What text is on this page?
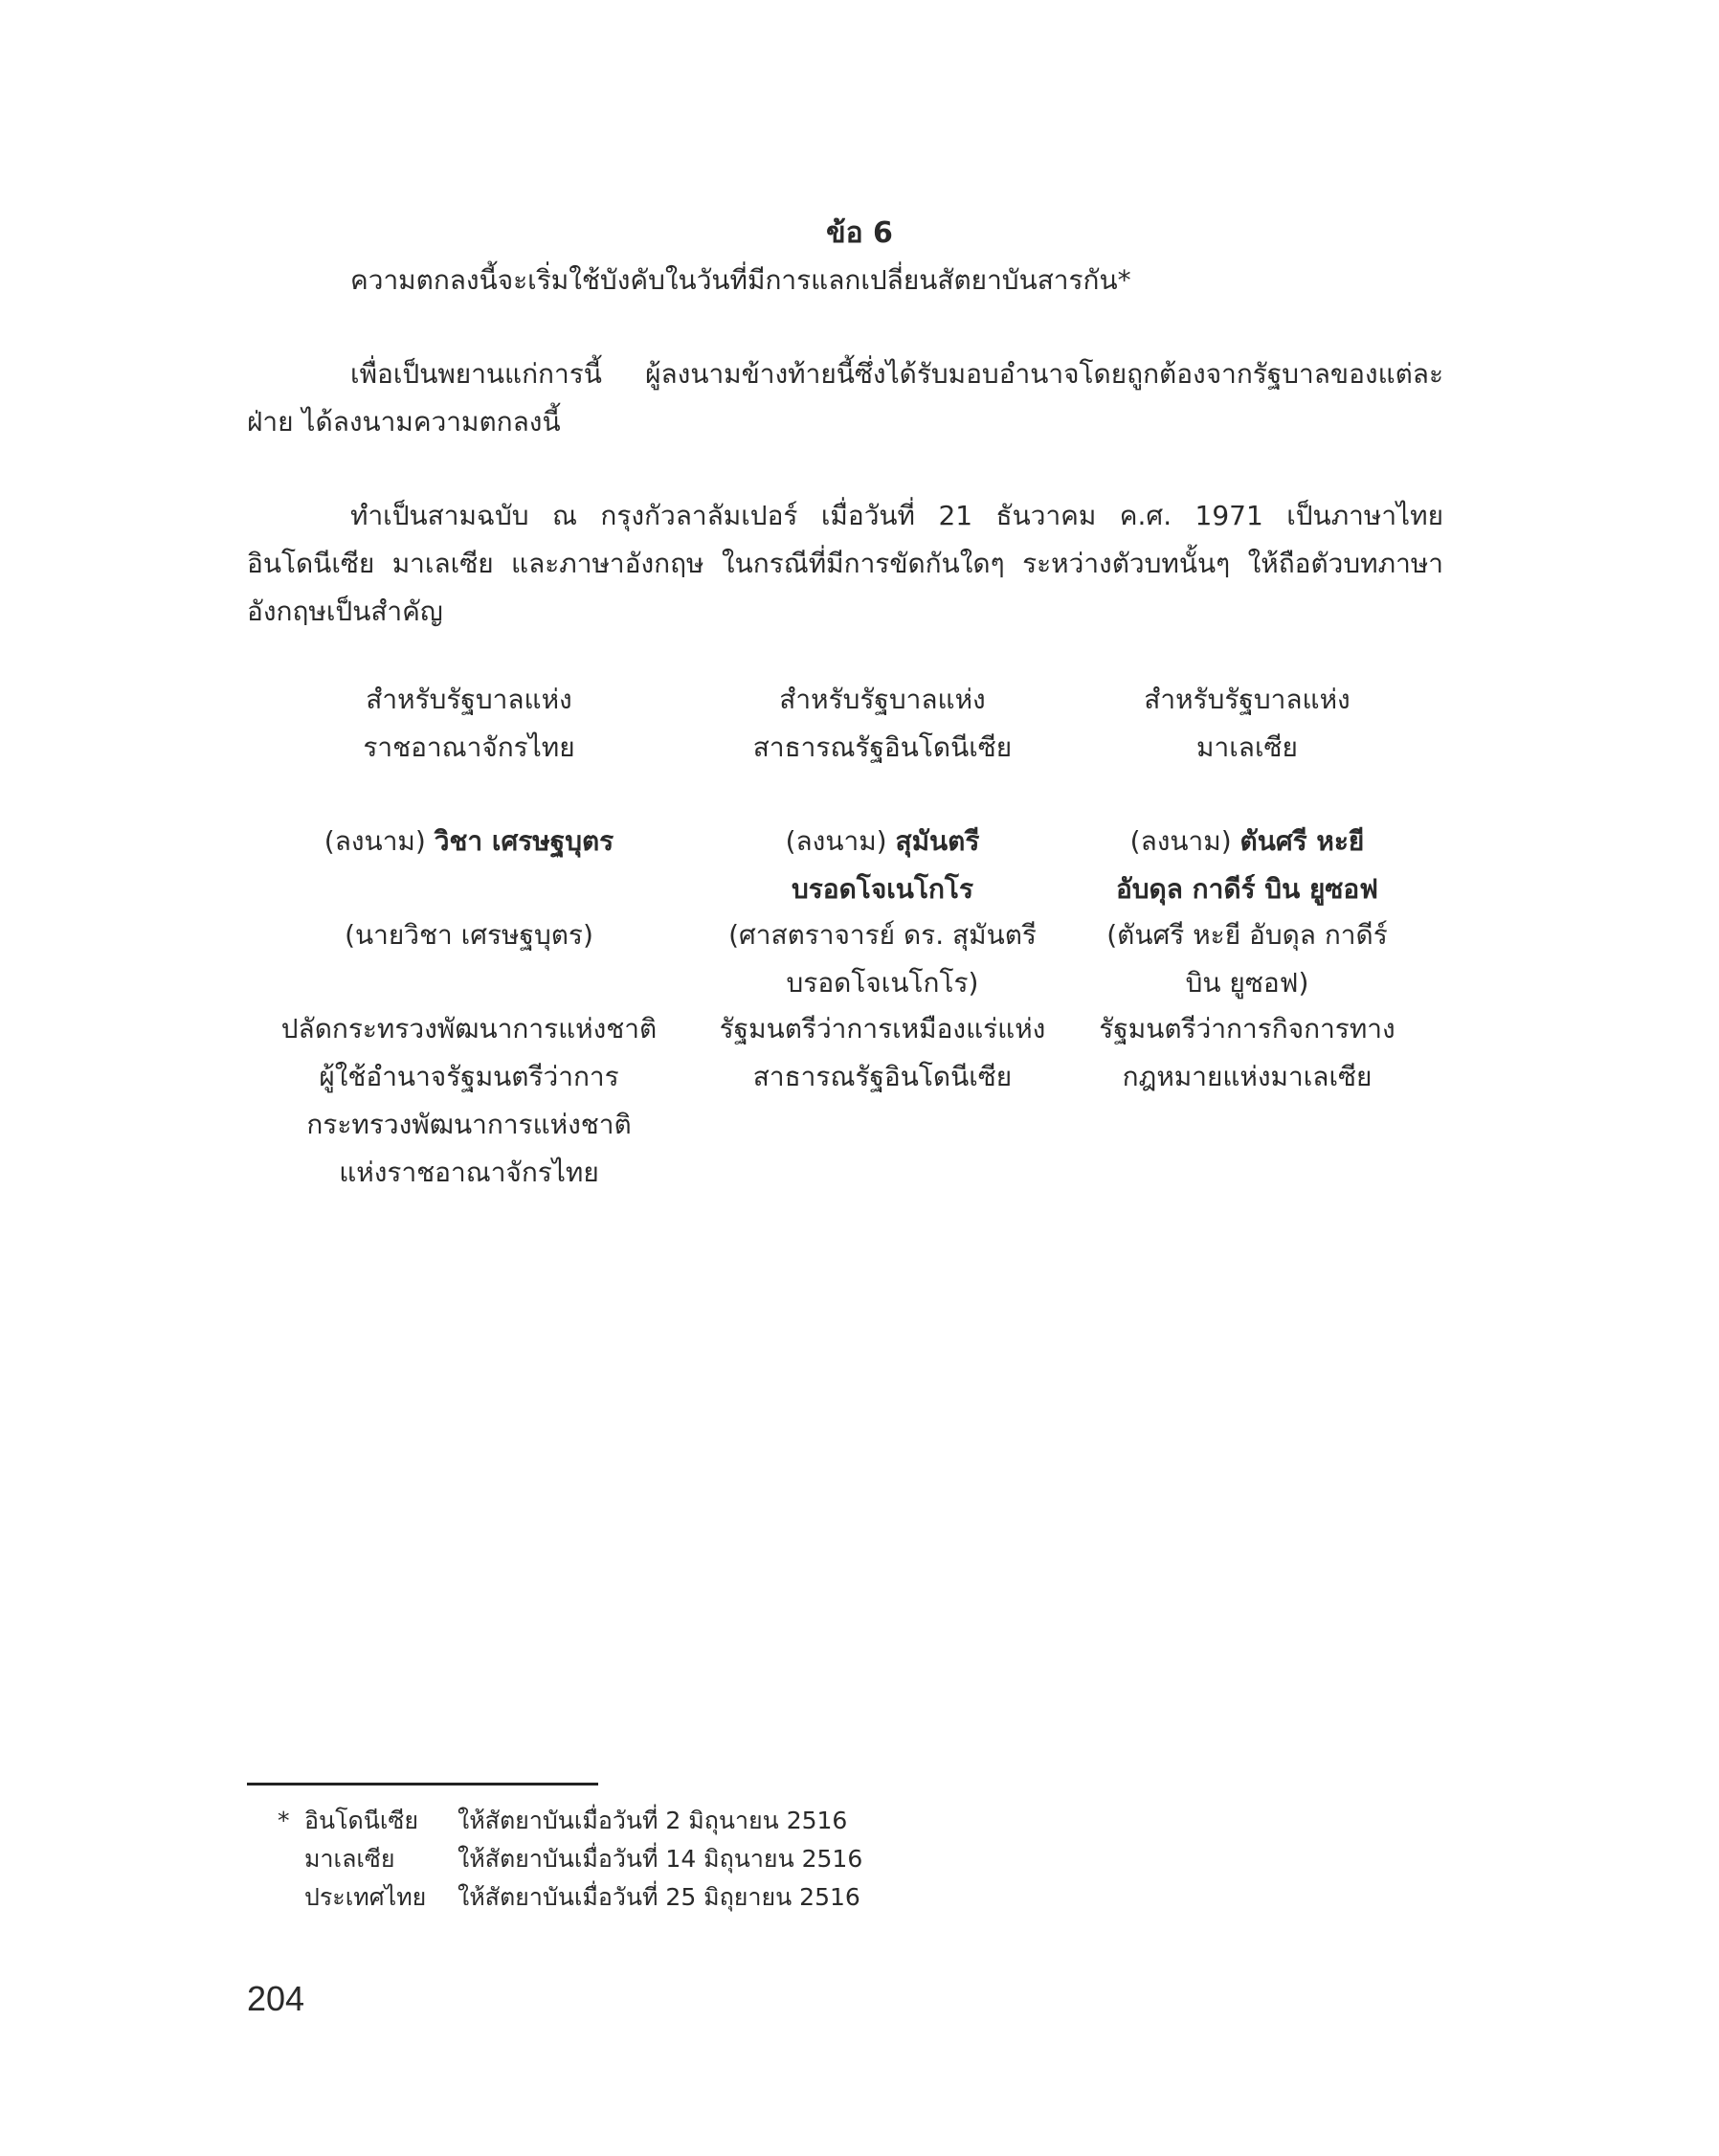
ข้อ 6
ความตกลงนี้จะเริ่มใช้บังคับในวันที่มีการแลกเปลี่ยนสัตยาบันสารกัน*
เพื่อเป็นพยานแก่การนี้ ผู้ลงนามข้างท้ายนี้ซึ่งได้รับมอบอำนาจโดยถูกต้องจากรัฐบาลของแต่ละฝ่าย ได้ลงนามความตกลงนี้
ทำเป็นสามฉบับ ณ กรุงกัวลาลัมเปอร์ เมื่อวันที่ 21 ธันวาคม ค.ศ. 1971 เป็นภาษาไทย อินโดนีเซีย มาเลเซีย และภาษาอังกฤษ ในกรณีที่มีการขัดกันใดๆ ระหว่างตัวบทนั้นๆ ให้ถือตัวบทภาษาอังกฤษเป็นสำคัญ
สำหรับรัฐบาลแห่ง
ราชอาณาจักรไทย
(ลงนาม) วิชา เศรษฐบุตร
(นายวิชา เศรษฐบุตร)
ปลัดกระทรวงพัฒนาการแห่งชาติ
ผู้ใช้อำนาจรัฐมนตรีว่าการ
กระทรวงพัฒนาการแห่งชาติ
แห่งราชอาณาจักรไทย
สำหรับรัฐบาลแห่ง
สาธารณรัฐอินโดนีเซีย
(ลงนาม) สุมันตรี
บรอดโจเนโกโร
(ศาสตราจารย์ ดร. สุมันตรี
บรอดโจเนโกโร)
รัฐมนตรีว่าการเหมืองแร่แห่ง
สาธารณรัฐอินโดนีเซีย
สำหรับรัฐบาลแห่ง
มาเลเซีย
(ลงนาม) ตันศรี หะยี
อับดุล กาดีร์ บิน ยูซอฟ
(ตันศรี หะยี อับดุล กาดีร์
บิน ยูซอฟ)
รัฐมนตรีว่าการกิจการทาง
กฎหมายแห่งมาเลเซีย
* อินโดนีเซีย	ให้สัตยาบันเมื่อวันที่ 2 มิถุนายน 2516
มาเลเซีย	ให้สัตยาบันเมื่อวันที่ 14 มิถุนายน 2516
ประเทศไทย	ให้สัตยาบันเมื่อวันที่ 25 มิถุยายน 2516
204
